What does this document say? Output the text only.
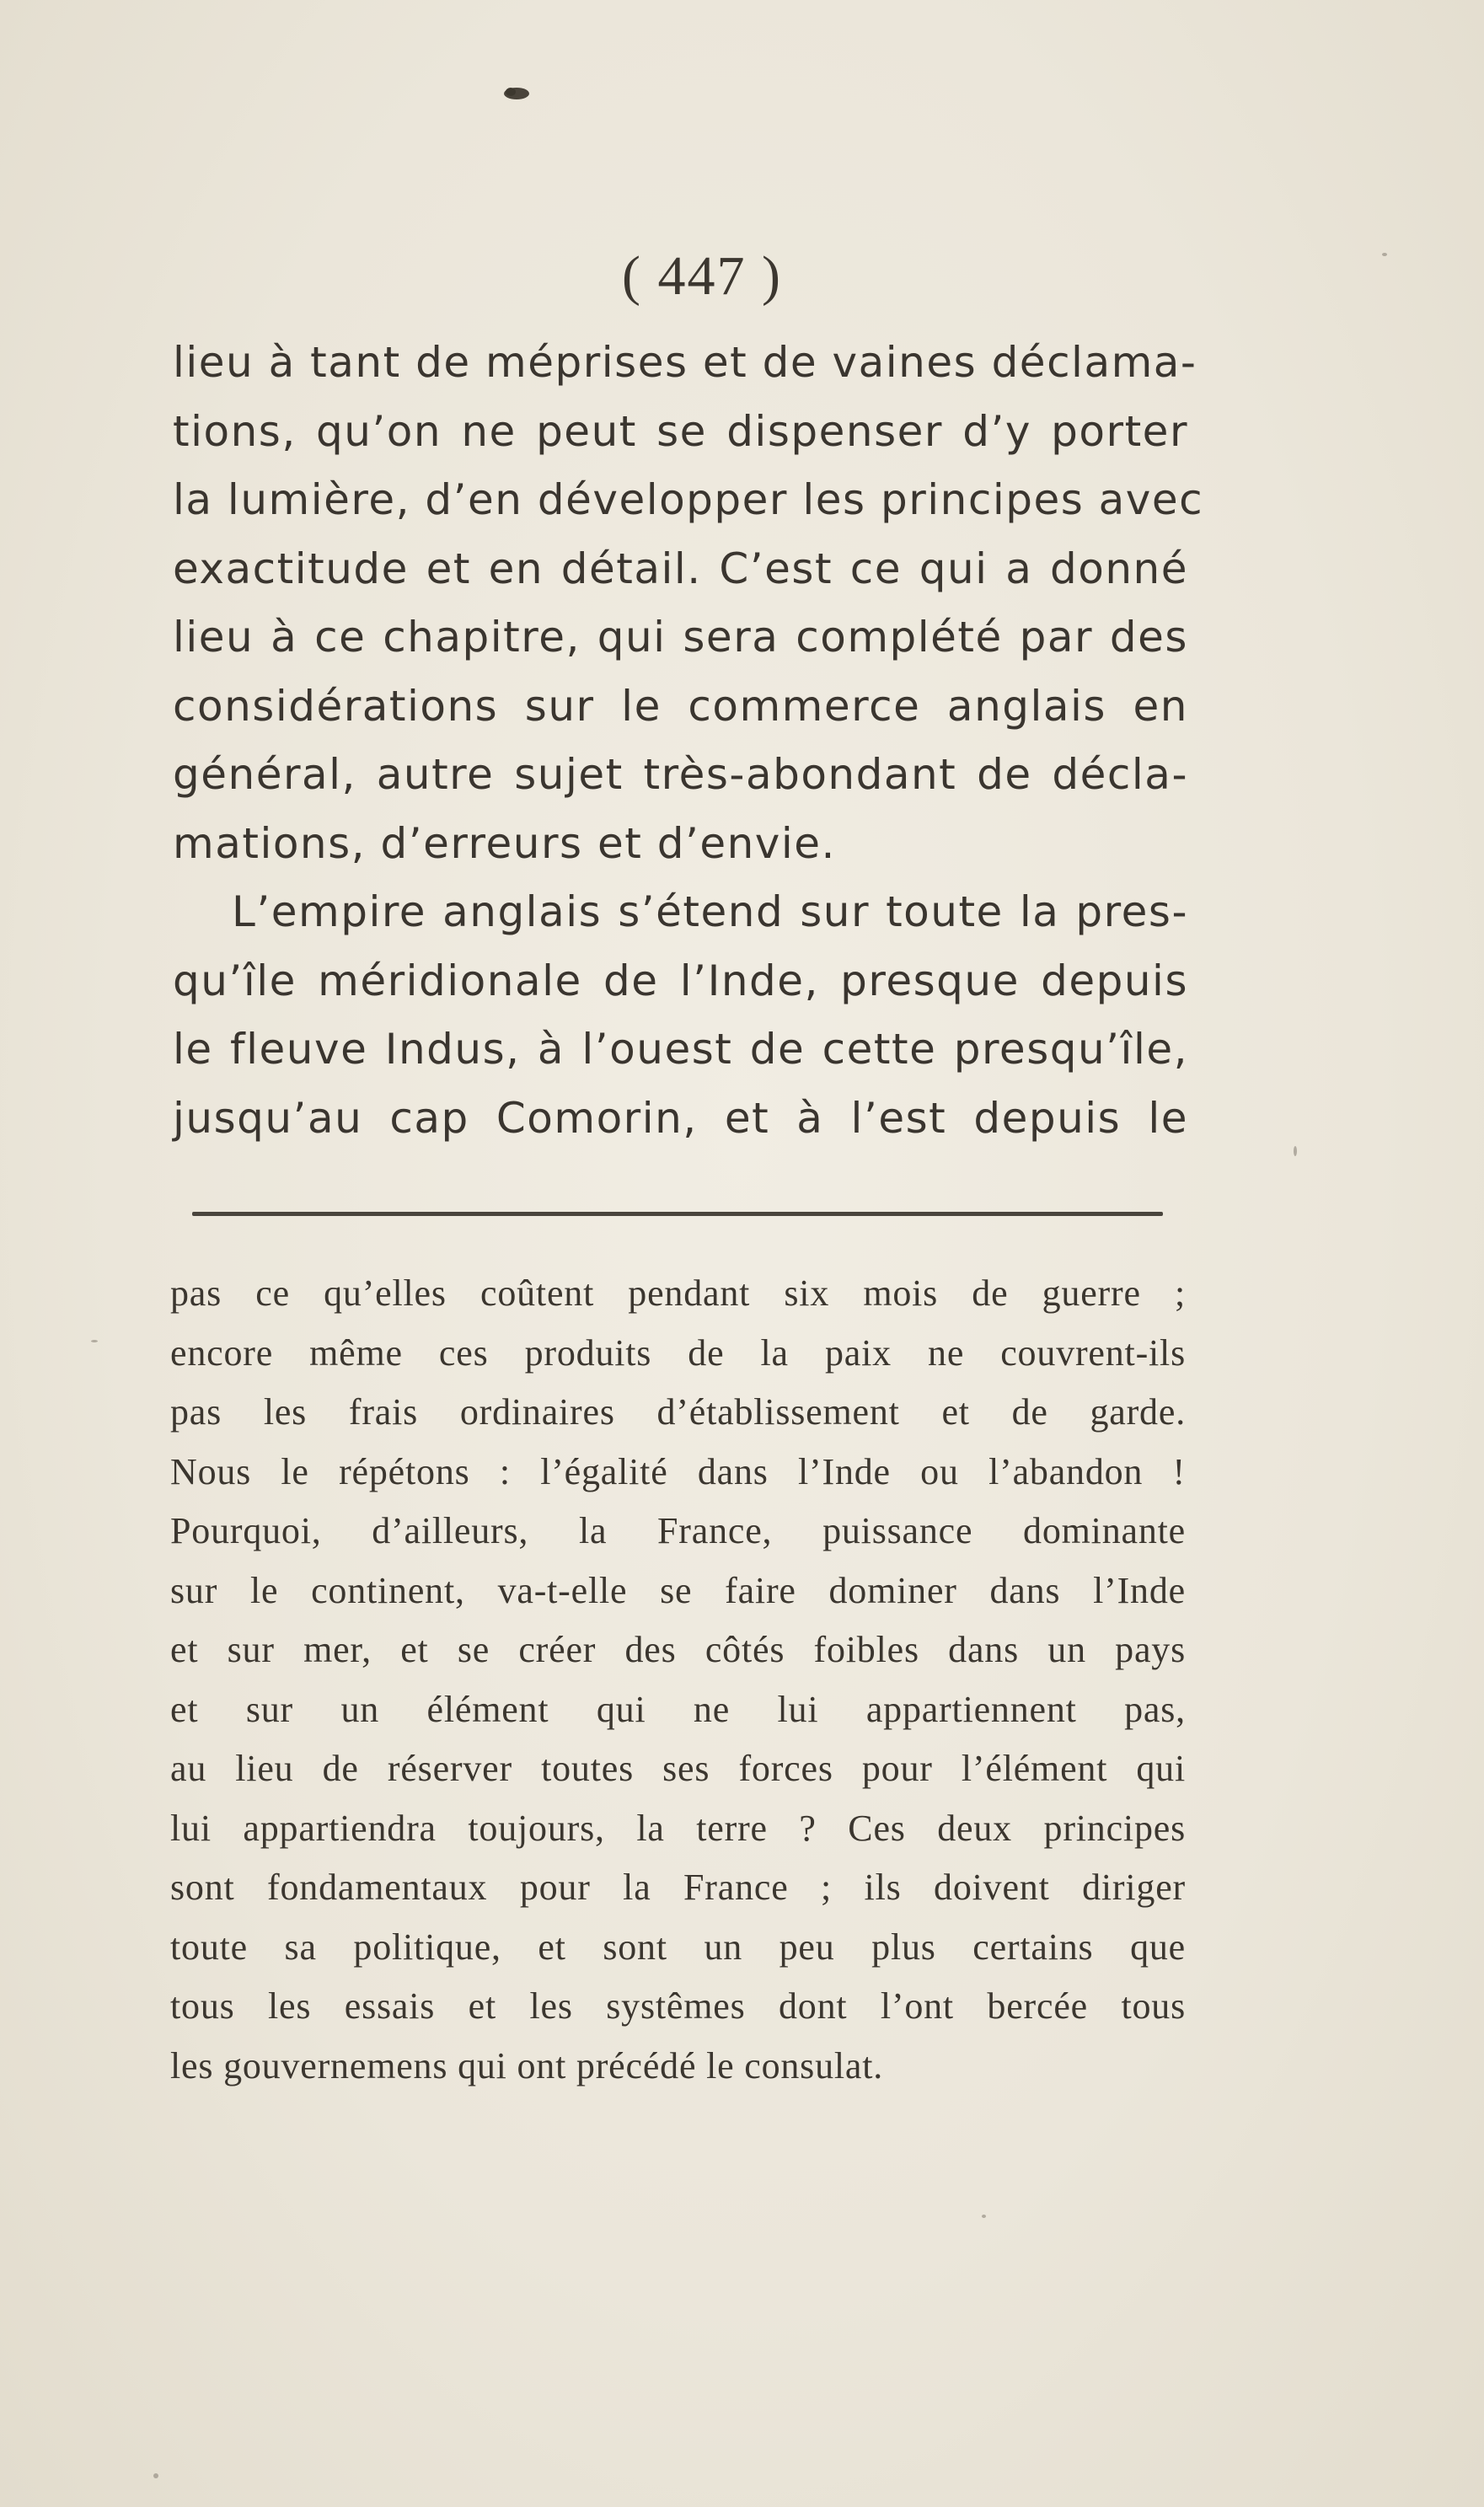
( 447 )
lieu à tant de méprises et de vaines déclama-
tions, qu’on ne peut se dispenser d’y porter
la lumière, d’en développer les principes avec
exactitude et en détail. C’est ce qui a donné
lieu à ce chapitre, qui sera complété par des
considérations sur le commerce anglais en
général, autre sujet très-abondant de décla-
mations, d’erreurs et d’envie.
L’empire anglais s’étend sur toute la pres-
qu’île méridionale de l’Inde, presque depuis
le fleuve Indus, à l’ouest de cette presqu’île,
jusqu’au cap Comorin, et à l’est depuis le
pas ce qu’elles coûtent pendant six mois de guerre ;
encore même ces produits de la paix ne couvrent-ils
pas les frais ordinaires d’établissement et de garde.
Nous le répétons : l’égalité dans l’Inde ou l’abandon !
Pourquoi, d’ailleurs, la France, puissance dominante
sur le continent, va-t-elle se faire dominer dans l’Inde
et sur mer, et se créer des côtés foibles dans un pays
et sur un élément qui ne lui appartiennent pas,
au lieu de réserver toutes ses forces pour l’élément qui
lui appartiendra toujours, la terre ? Ces deux principes
sont fondamentaux pour la France ; ils doivent diriger
toute sa politique, et sont un peu plus certains que
tous les essais et les systêmes dont l’ont bercée tous
les gouvernemens qui ont précédé le consulat.
